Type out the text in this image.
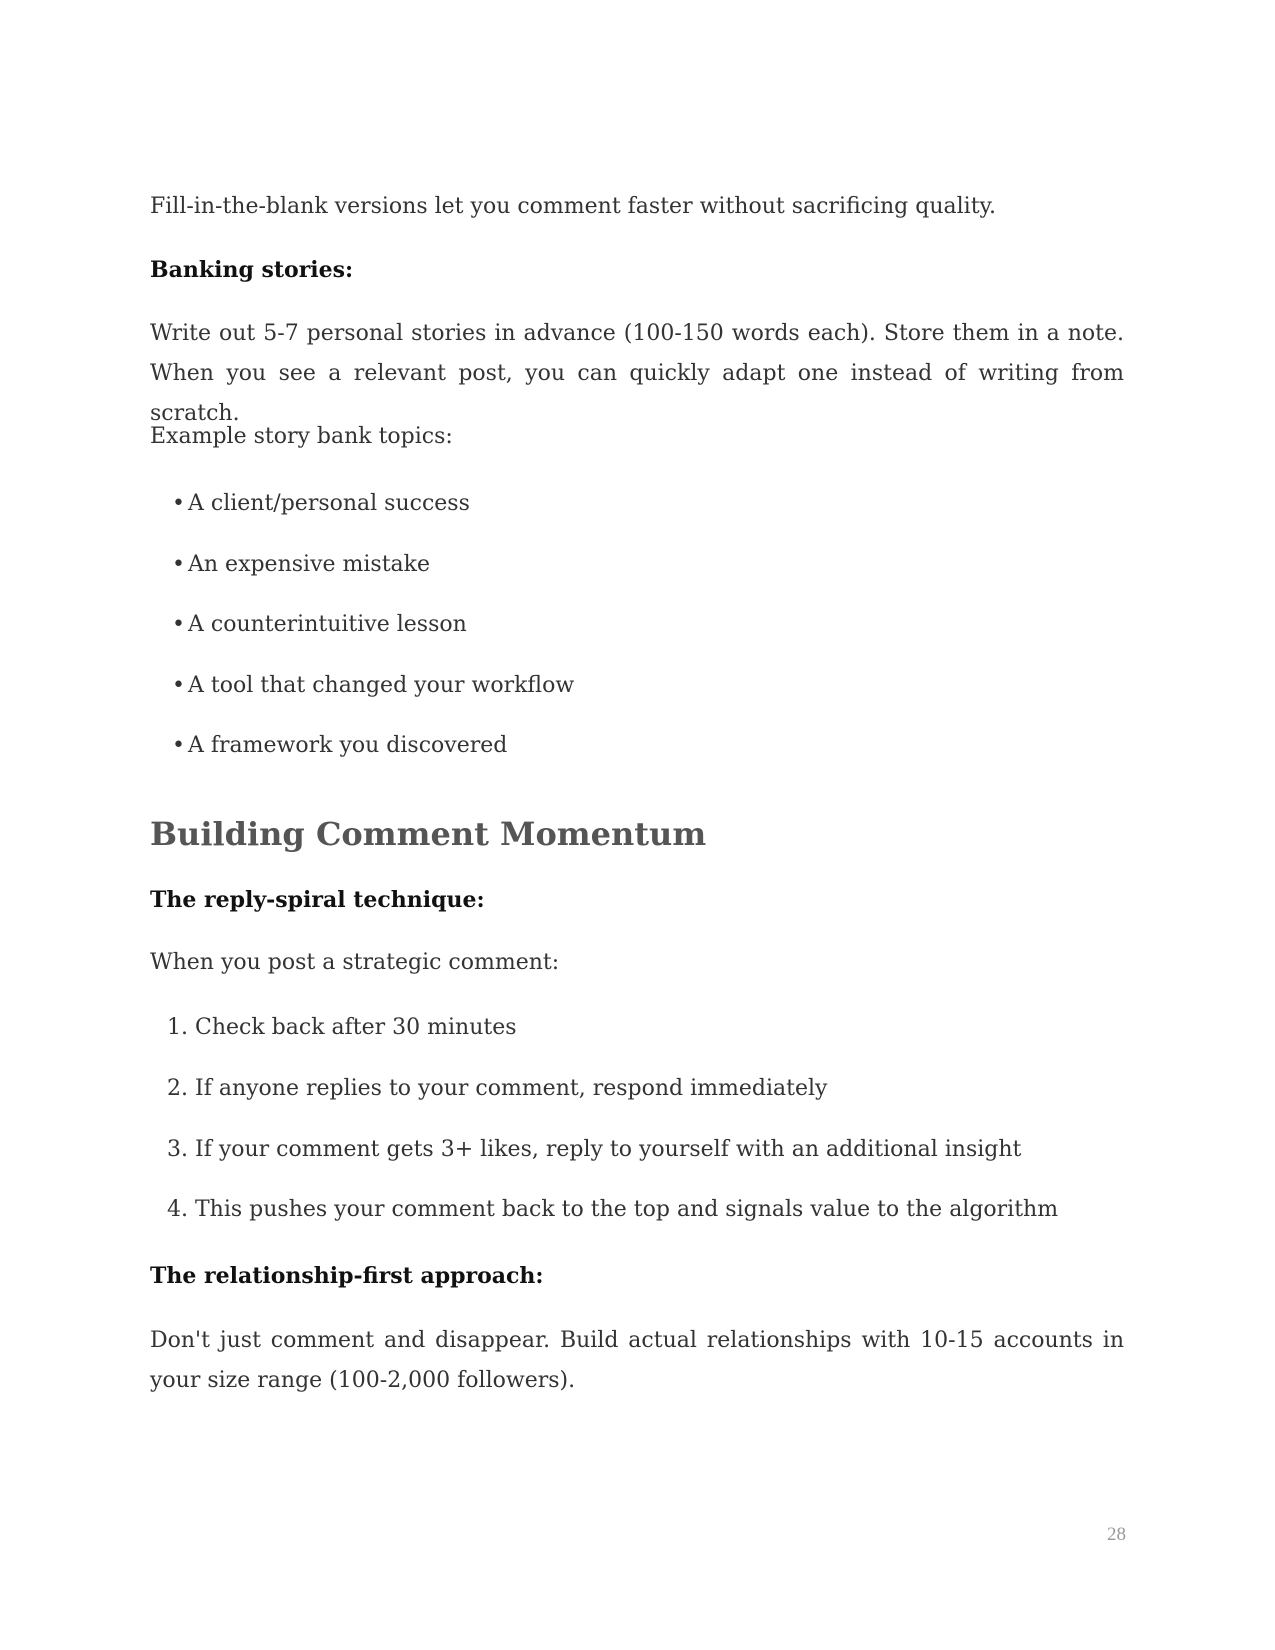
Fill-in-the-blank versions let you comment faster without sacrificing quality.

Banking stories:

Write out 5-7 personal stories in advance (100-150 words each). Store them in a note. When you see a relevant post, you can quickly adapt one instead of writing from scratch.

Example story bank topics:

• A client/personal success
• An expensive mistake
• A counterintuitive lesson
• A tool that changed your workflow
• A framework you discovered
Building Comment Momentum
The reply-spiral technique:

When you post a strategic comment:

1. Check back after 30 minutes
2. If anyone replies to your comment, respond immediately
3. If your comment gets 3+ likes, reply to yourself with an additional insight
4. This pushes your comment back to the top and signals value to the algorithm
The relationship-first approach:

Don't just comment and disappear. Build actual relationships with 10-15 accounts in your size range (100-2,000 followers).

28
